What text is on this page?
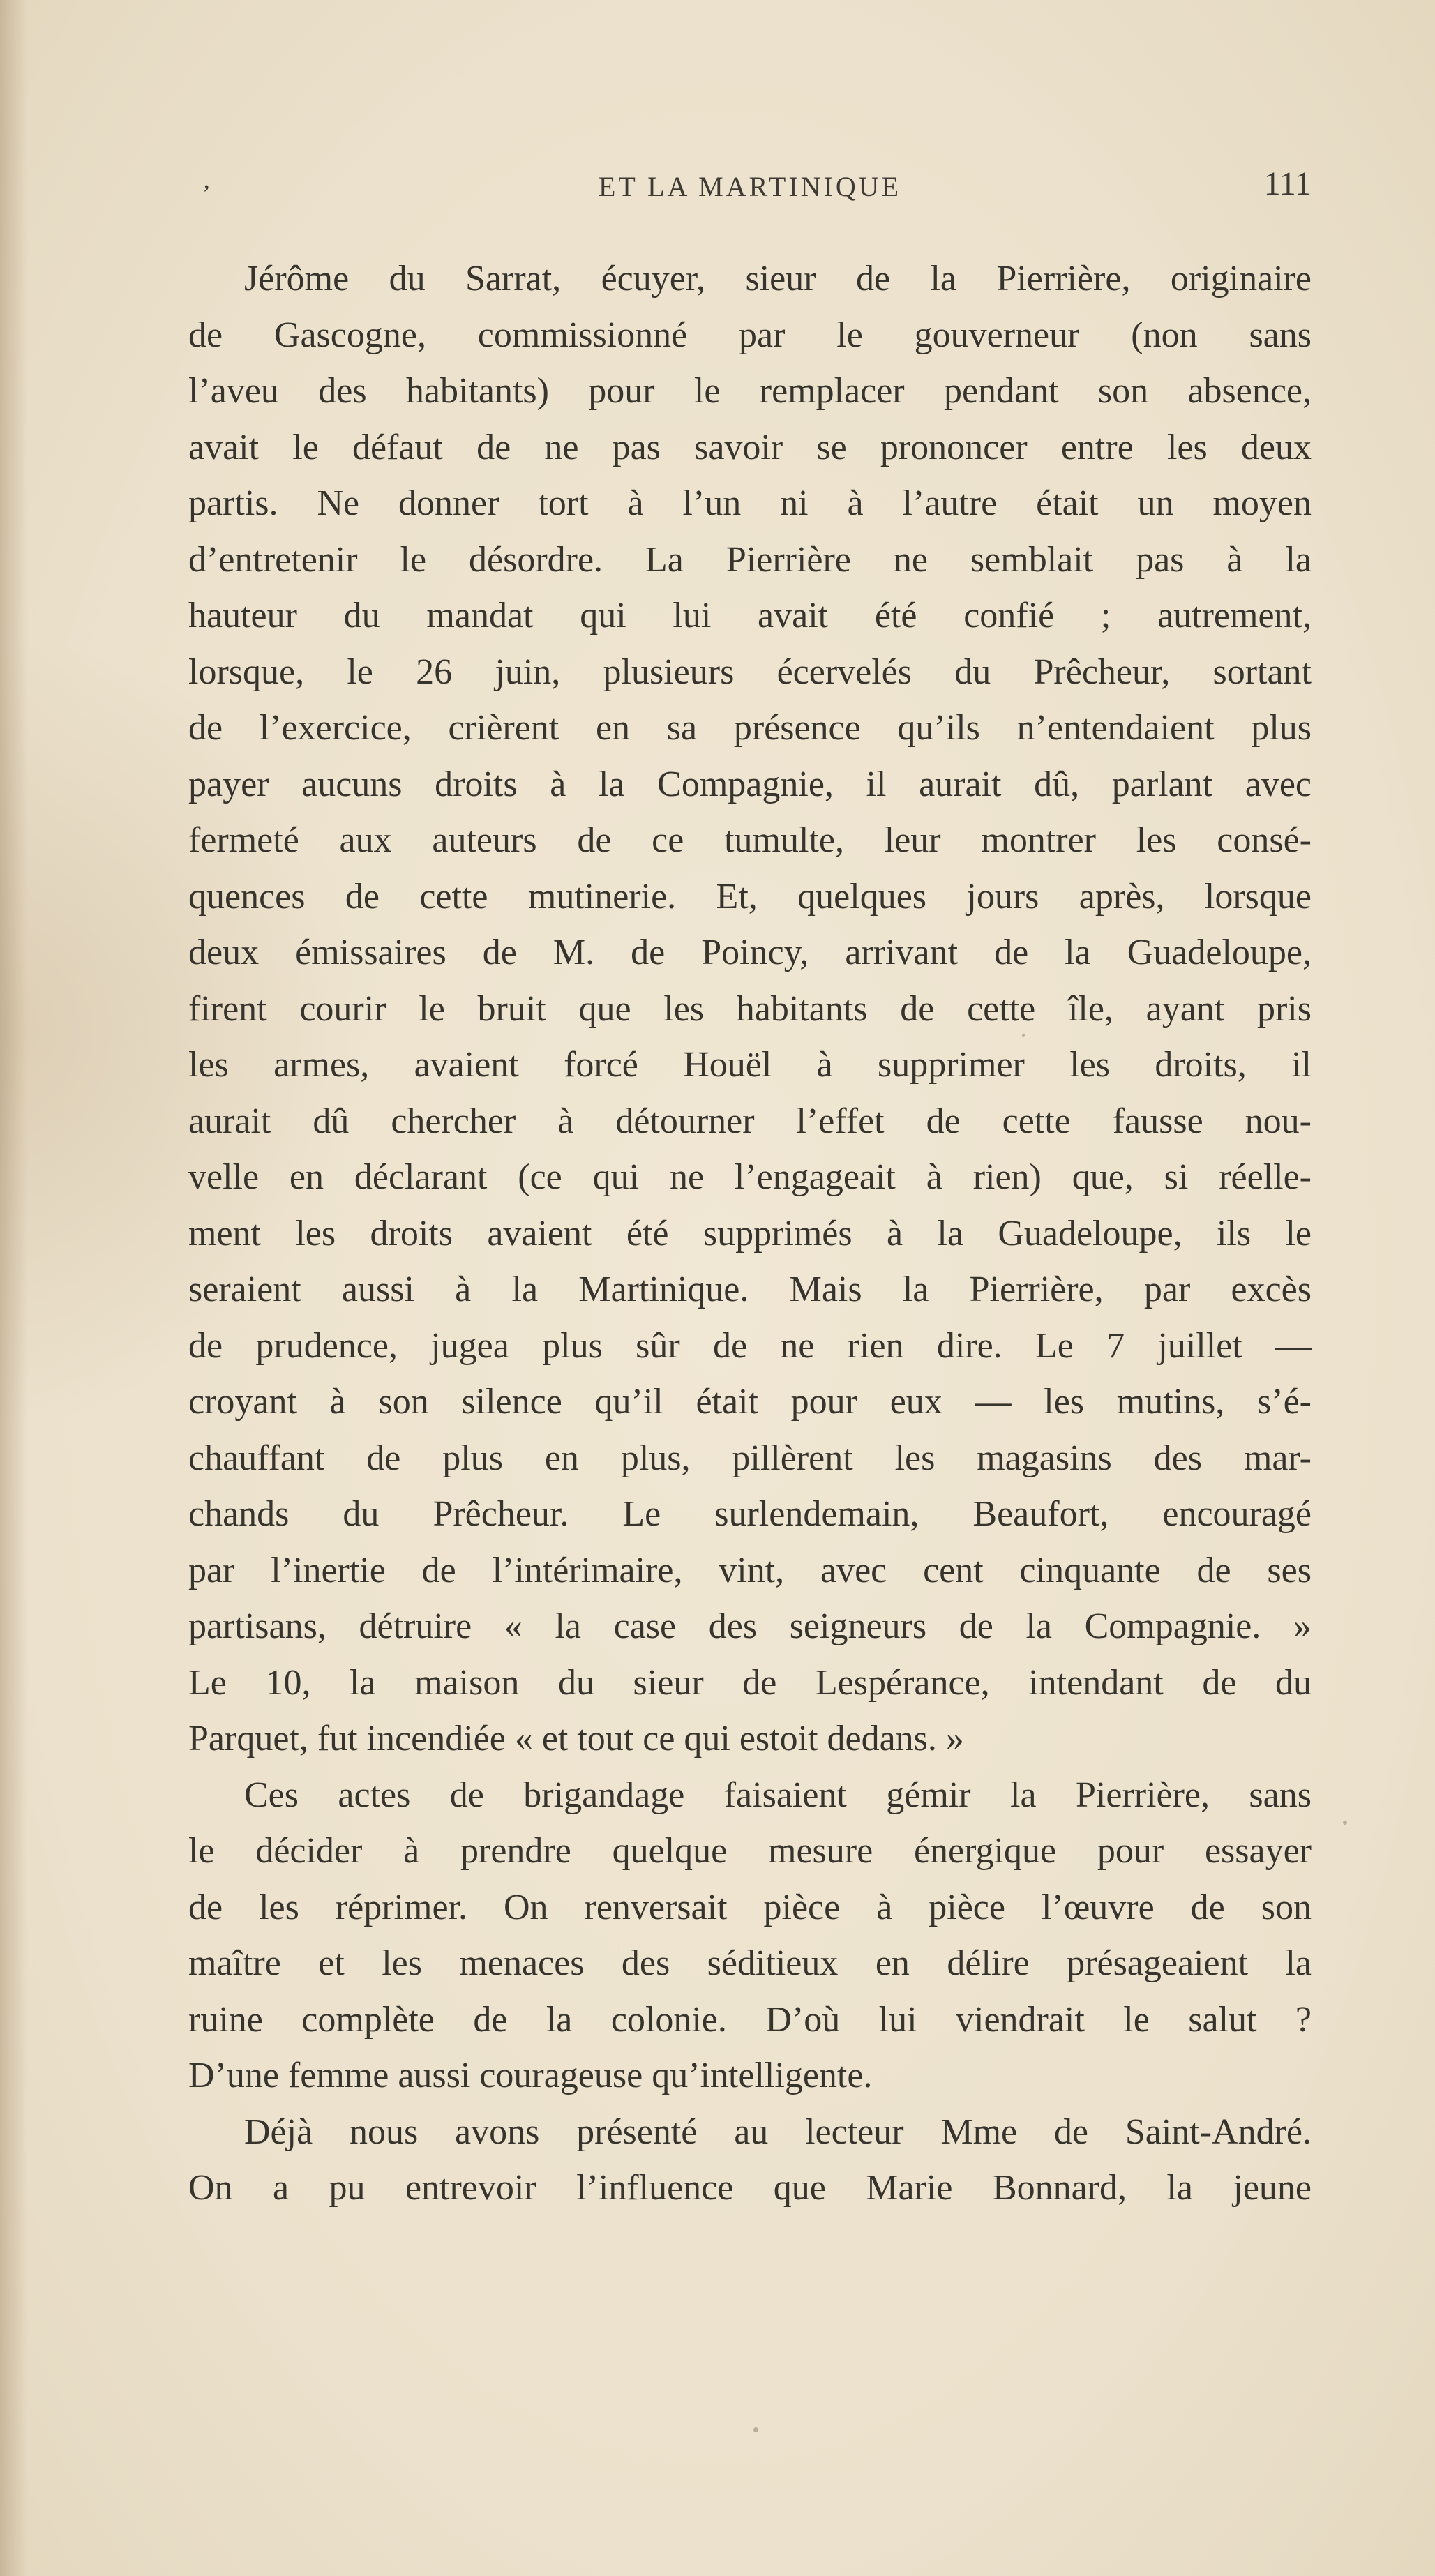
‚	ET LA MARTINIQUE	111
Jérôme du Sarrat, écuyer, sieur de la Pierrière, originaire
de Gascogne, commissionné par le gouverneur (non sans
l’aveu des habitants) pour le remplacer pendant son absence,
avait le défaut de ne pas savoir se prononcer entre les deux
partis. Ne donner tort à l’un ni à l’autre était un moyen
d’entretenir le désordre. La Pierrière ne semblait pas à la
hauteur du mandat qui lui avait été confié ; autrement,
lorsque, le 26 juin, plusieurs écervelés du Prêcheur, sortant
de l’exercice, crièrent en sa présence qu’ils n’entendaient plus
payer aucuns droits à la Compagnie, il aurait dû, parlant avec
fermeté aux auteurs de ce tumulte, leur montrer les consé-
quences de cette mutinerie. Et, quelques jours après, lorsque
deux émissaires de M. de Poincy, arrivant de la Guadeloupe,
firent courir le bruit que les habitants de cette île, ayant pris
les armes, avaient forcé Houël à supprimer les droits, il
aurait dû chercher à détourner l’effet de cette fausse nou-
velle en déclarant (ce qui ne l’engageait à rien) que, si réelle-
ment les droits avaient été supprimés à la Guadeloupe, ils le
seraient aussi à la Martinique. Mais la Pierrière, par excès
de prudence, jugea plus sûr de ne rien dire. Le 7 juillet —
croyant à son silence qu’il était pour eux — les mutins, s’é-
chauffant de plus en plus, pillèrent les magasins des mar-
chands du Prêcheur. Le surlendemain, Beaufort, encouragé
par l’inertie de l’intérimaire, vint, avec cent cinquante de ses
partisans, détruire « la case des seigneurs de la Compagnie. »
Le 10, la maison du sieur de Lespérance, intendant de du
Parquet, fut incendiée « et tout ce qui estoit dedans. »
Ces actes de brigandage faisaient gémir la Pierrière, sans
le décider à prendre quelque mesure énergique pour essayer
de les réprimer. On renversait pièce à pièce l’œuvre de son
maître et les menaces des séditieux en délire présageaient la
ruine complète de la colonie. D’où lui viendrait le salut ?
D’une femme aussi courageuse qu’intelligente.
Déjà nous avons présenté au lecteur Mme de Saint-André.
On a pu entrevoir l’influence que Marie Bonnard, la jeune
